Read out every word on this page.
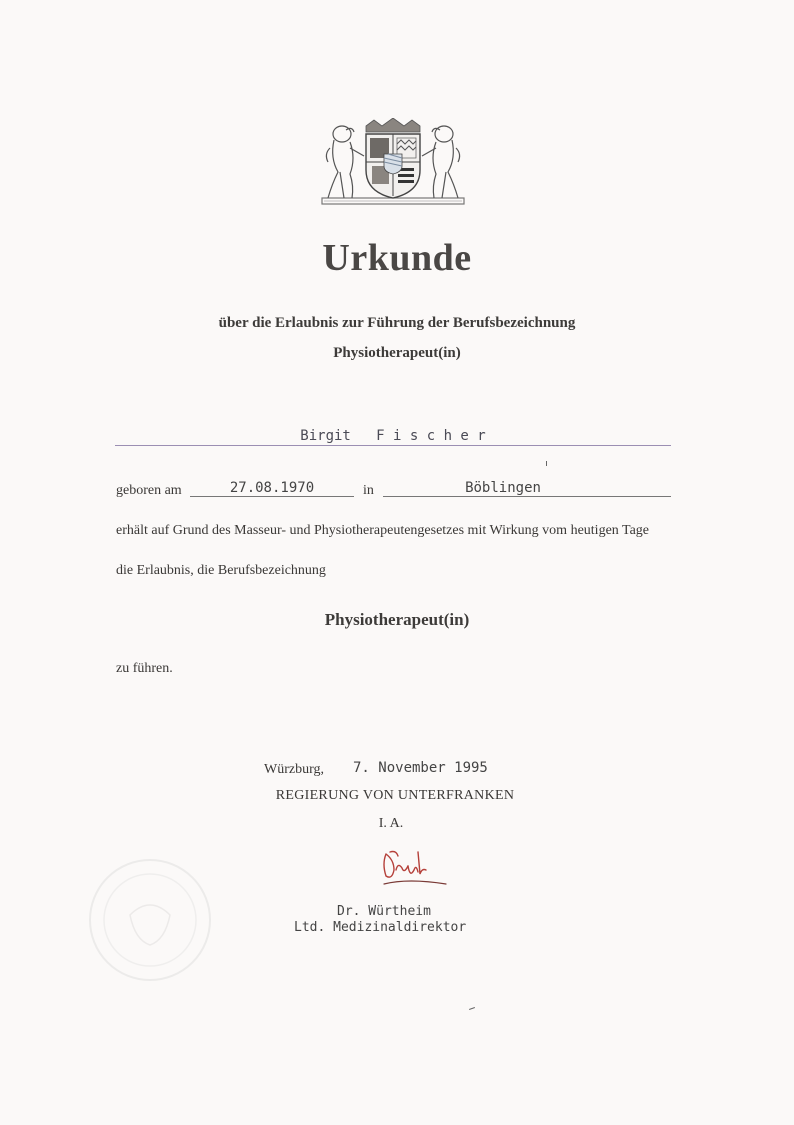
Urkunde
über die Erlaubnis zur Führung der Berufsbezeichnung
Physiotherapeut(in)
Birgit   F i s c h e r
geboren am	27.08.1970	in	Böblingen
erhält auf Grund des Masseur- und Physiotherapeutengesetzes mit Wirkung vom heutigen Tage
die Erlaubnis, die Berufsbezeichnung
Physiotherapeut(in)
zu führen.
Würzburg, 7. November 1995
REGIERUNG VON UNTERFRANKEN
I. A.
Dr. Würtheim
Ltd. Medizinaldirektor
